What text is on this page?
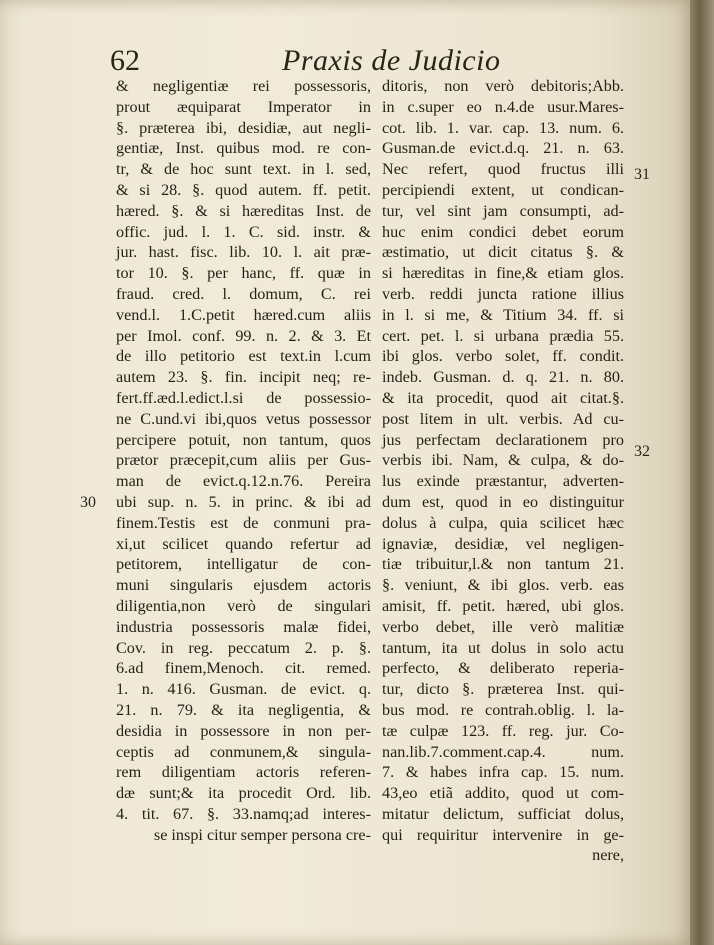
62	Praxis de Judicio
& negligentiæ rei possessoris,
prout æquiparat Imperator in
§. præterea ibi, desidiæ, aut negli-
gentiæ, Inst. quibus mod. re con-
tr, & de hoc sunt text. in l. sed,
& si 28. §. quod autem. ff. petit.
hæred. §. & si hæreditas Inst. de
offic. jud. l. 1. C. sid. instr. &
jur. hast. fisc. lib. 10. l. ait præ-
tor 10. §. per hanc, ff. quæ in
fraud. cred. l. domum, C. rei
vend.l. 1.C.petit hæred.cum aliis
per Imol. conf. 99. n. 2. & 3. Et
de illo petitorio est text.in l.cum
autem 23. §. fin. incipit neq; re-
fert.ff.æd.l.edict.l.si de possessio-
ne C.und.vi ibi,quos vetus possessor
percipere potuit, non tantum, quos
prætor præcepit,cum aliis per Gus-
man de evict.q.12.n.76. Pereira
ubi sup. n. 5. in princ. & ibi ad
finem.Testis est de conmuni pra-
xi,ut scilicet quando refertur ad
petitorem, intelligatur de con-
muni singularis ejusdem actoris
diligentia,non verò de singulari
industria possessoris malæ fidei,
Cov. in reg. peccatum 2. p. §.
6.ad finem,Menoch. cit. remed.
1. n. 416. Gusman. de evict. q.
21. n. 79. & ita negligentia, &
desidia in possessore in non per-
ceptis ad conmunem,& singula-
rem diligentiam actoris referen-
dæ sunt;& ita procedit Ord. lib.
4. tit. 67. §. 33.namq;ad interes-
se inspi citur semper persona cre-
ditoris, non verò debitoris;Abb.
in c.super eo n.4.de usur.Mares-
cot. lib. 1. var. cap. 13. num. 6.
Gusman.de evict.d.q. 21. n. 63.
Nec refert, quod fructus illi
percipiendi extent, ut condican-
tur, vel sint jam consumpti, ad-
huc enim condici debet eorum
æstimatio, ut dicit citatus §. &
si hæreditas in fine,& etiam glos.
verb. reddi juncta ratione illius
in l. si me, & Titium 34. ff. si
cert. pet. l. si urbana prædia 55.
ibi glos. verbo solet, ff. condit.
indeb. Gusman. d. q. 21. n. 80.
& ita procedit, quod ait citat.§.
post litem in ult. verbis. Ad cu-
jus perfectam declarationem pro
verbis ibi. Nam, & culpa, & do-
lus exinde præstantur, adverten-
dum est, quod in eo distinguitur
dolus à culpa, quia scilicet hæc
ignaviæ, desidiæ, vel negligen-
tiæ tribuitur,l.& non tantum 21.
§. veniunt, & ibi glos. verb. eas
amisit, ff. petit. hæred, ubi glos.
verbo debet, ille verò malitiæ
tantum, ita ut dolus in solo actu
perfecto, & deliberato reperia-
tur, dicto §. præterea Inst. qui-
bus mod. re contrah.oblig. l. la-
tæ culpæ 123. ff. reg. jur. Co-
nan.lib.7.comment.cap.4. num.
7. & habes infra cap. 15. num.
43,eo etiã addito, quod ut com-
mitatur delictum, sufficiat dolus,
qui requiritur intervenire in ge-
nere,
30
31
32
